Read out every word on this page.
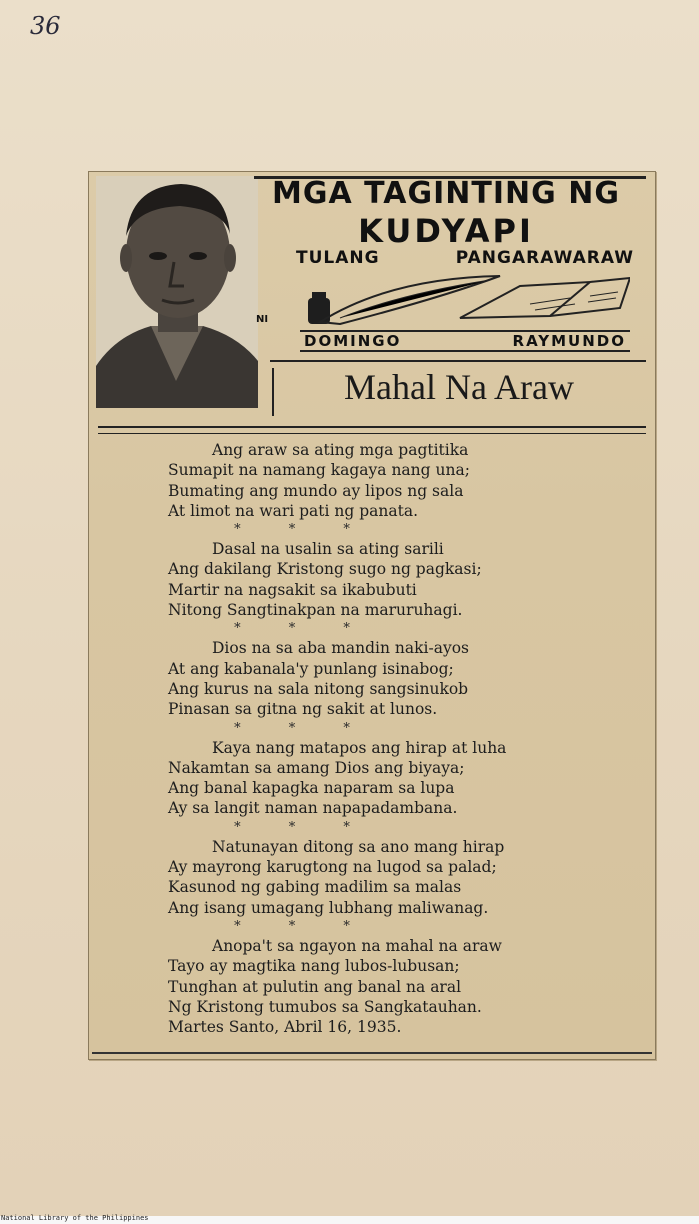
36
MGA TAGINTING NG
KUDYAPI
TULANG	PANGARAWARAW
NI
DOMINGO	RAYMUNDO
Mahal Na Araw
Ang araw sa ating mga pagtitika
Sumapit na namang kagaya nang una;
Bumating ang mundo ay lipos ng sala
At limot na wari pati ng panata.
* * *
Dasal na usalin sa ating sarili
Ang dakilang Kristong sugo ng pagkasi;
Martir na nagsakit sa ikabubuti
Nitong Sangtinakpan na maruruhagi.
* * *
Dios na sa aba mandin naki-ayos
At ang kabanala'y punlang isinabog;
Ang kurus na sala nitong sangsinukob
Pinasan sa gitna ng sakit at lunos.
* * *
Kaya nang matapos ang hirap at luha
Nakamtan sa amang Dios ang biyaya;
Ang banal kapagka naparam sa lupa
Ay sa langit naman napapadambana.
* * *
Natunayan ditong sa ano mang hirap
Ay mayrong karugtong na lugod sa palad;
Kasunod ng gabing madilim sa malas
Ang isang umagang lubhang maliwanag.
* * *
Anopa't sa ngayon na mahal na araw
Tayo ay magtika nang lubos-lubusan;
Tunghan at pulutin ang banal na aral
Ng Kristong tumubos sa Sangkatauhan.
Martes Santo, Abril 16, 1935.
National Library of the Philippines
